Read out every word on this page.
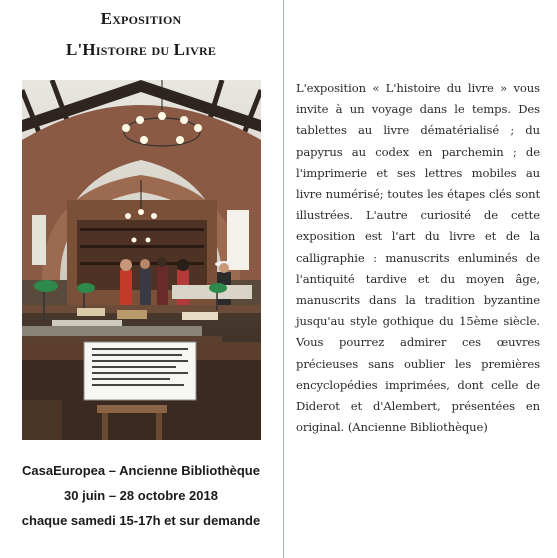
Exposition
L'Histoire du Livre
CasaEuropea – Ancienne Bibliothèque
30 juin – 28 octobre 2018
chaque samedi 15-17h et sur demande
L'exposition « L'histoire du livre » vous invite à un voyage dans le temps. Des tablettes au livre dématérialisé ; du papyrus au codex en parchemin ; de l'imprimerie et ses lettres mobiles au livre numérisé; toutes les étapes clés sont illustrées. L'autre curiosité de cette exposition est l'art du livre et de la calligraphie : manuscrits enluminés de l'antiquité tardive et du moyen âge, manuscrits dans la tradition byzantine jusqu'au style gothique du 15ème siècle. Vous pourrez admirer ces œuvres précieuses sans oublier les premières encyclopédies imprimées, dont celle de Diderot et d'Alembert, présentées en original. (Ancienne Bibliothèque)
